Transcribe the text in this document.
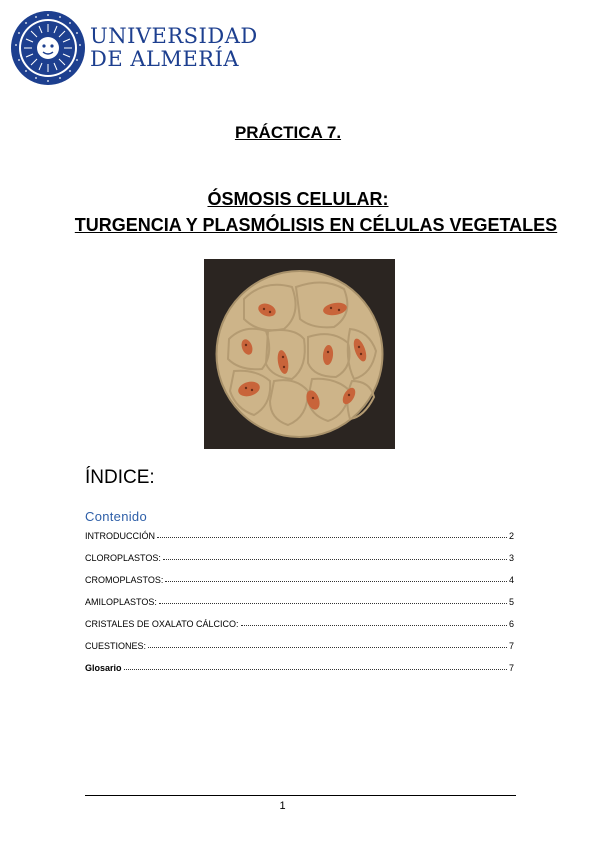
UNIVERSIDAD
DE ALMERÍA
PRÁCTICA 7.
ÓSMOSIS CELULAR:
TURGENCIA Y PLASMÓLISIS EN CÉLULAS VEGETALES
ÍNDICE:
Contenido
INTRODUCCIÓN	2
CLOROPLASTOS:	3
CROMOPLASTOS:	4
AMILOPLASTOS:	5
CRISTALES DE OXALATO CÁLCICO:	6
CUESTIONES:	7
Glosario	7
1
